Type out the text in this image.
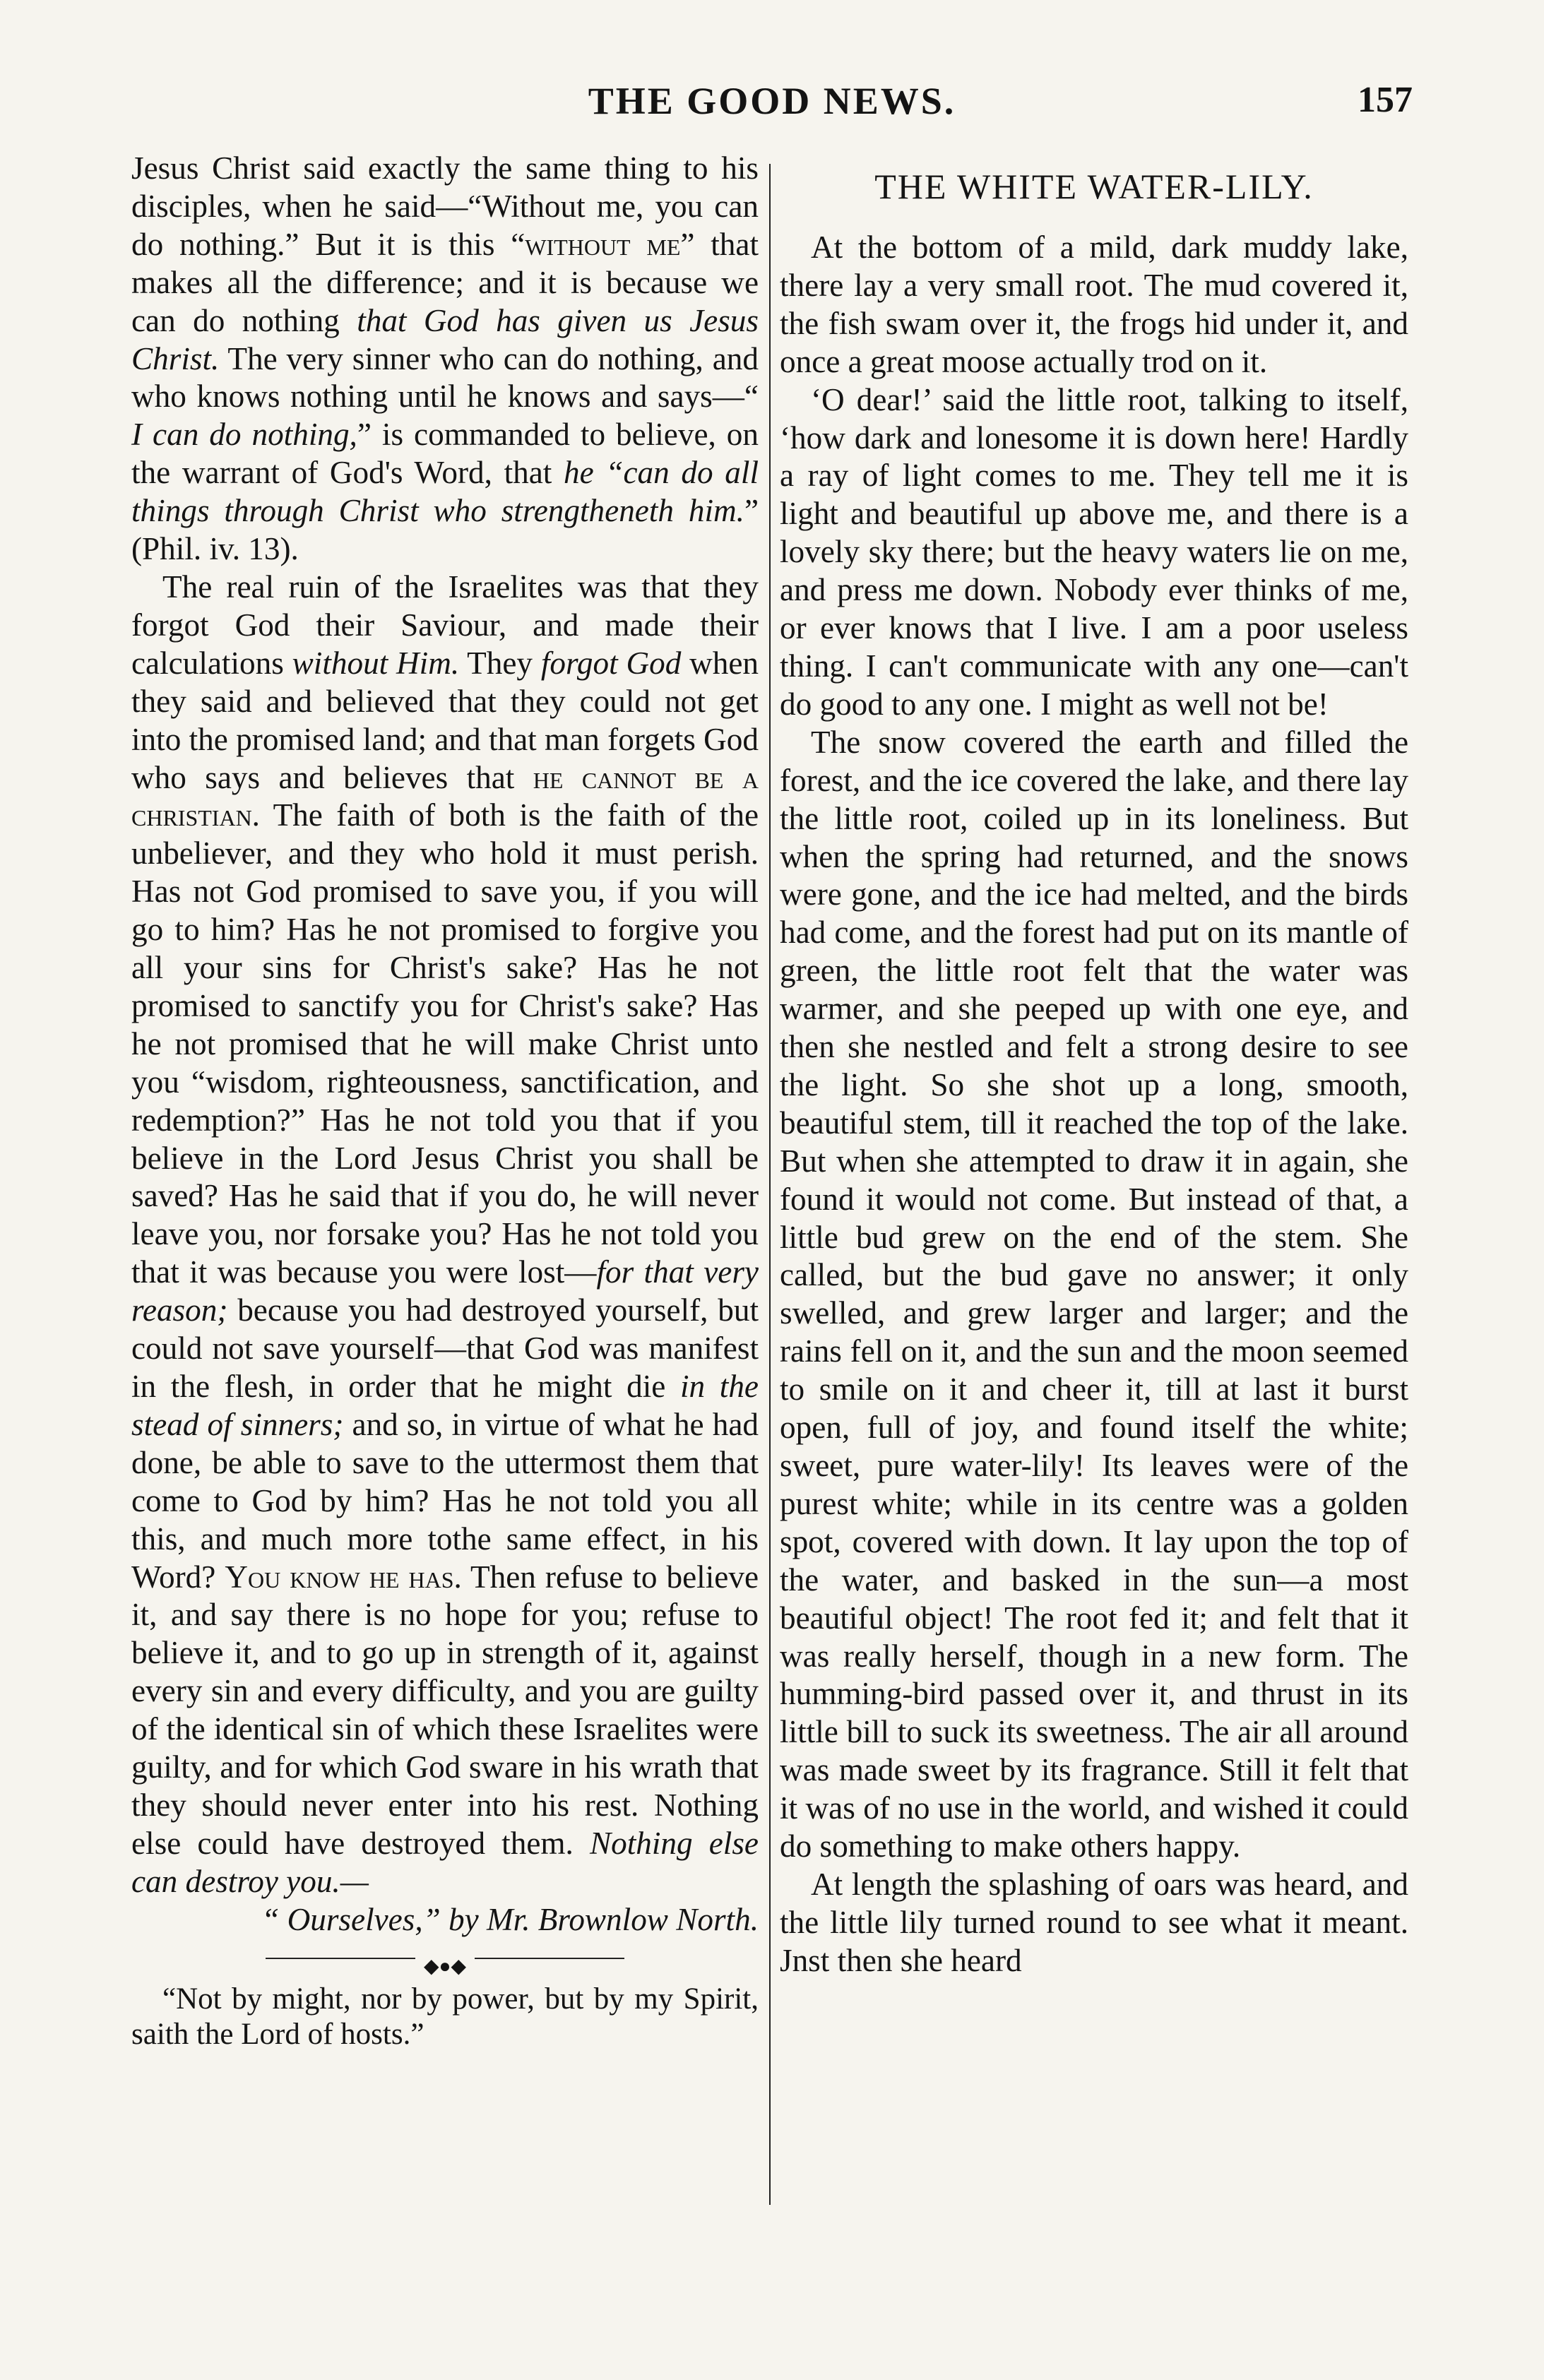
THE GOOD NEWS.	157

Jesus Christ said exactly the same thing to his disciples, when he said—“Without me, you can do nothing.” But it is this “without me” that makes all the difference; and it is because we can do nothing that God has given us Jesus Christ. The very sinner who can do nothing, and who knows nothing until he knows and says—“ I can do nothing,” is commanded to believe, on the warrant of God's Word, that he “can do all things through Christ who strengtheneth him.” (Phil. iv. 13).

The real ruin of the Israelites was that they forgot God their Saviour, and made their calculations without Him. They forgot God when they said and believed that they could not get into the promised land; and that man forgets God who says and believes that he cannot be a christian. The faith of both is the faith of the unbeliever, and they who hold it must perish. Has not God promised to save you, if you will go to him? Has he not promised to forgive you all your sins for Christ's sake? Has he not promised to sanctify you for Christ's sake? Has he not promised that he will make Christ unto you “wisdom, righteousness, sanctification, and redemption?” Has he not told you that if you believe in the Lord Jesus Christ you shall be saved? Has he said that if you do, he will never leave you, nor forsake you? Has he not told you that it was because you were lost—for that very reason; because you had destroyed yourself, but could not save yourself—that God was manifest in the flesh, in order that he might die in the stead of sinners; and so, in virtue of what he had done, be able to save to the uttermost them that come to God by him? Has he not told you all this, and much more tothe same effect, in his Word? You know he has. Then refuse to believe it, and say there is no hope for you; refuse to believe it, and to go up in strength of it, against every sin and every difficulty, and you are guilty of the identical sin of which these Israelites were guilty, and for which God sware in his wrath that they should never enter into his rest. Nothing else could have destroyed them. Nothing else can destroy you.—

“ Ourselves,” by Mr. Brownlow North.

◆●◆

“Not by might, nor by power, but by my Spirit, saith the Lord of hosts.”

THE WHITE WATER-LILY.

At the bottom of a mild, dark muddy lake, there lay a very small root. The mud covered it, the fish swam over it, the frogs hid under it, and once a great moose actually trod on it.

‘O dear!’ said the little root, talking to itself, ‘how dark and lonesome it is down here! Hardly a ray of light comes to me. They tell me it is light and beautiful up above me, and there is a lovely sky there; but the heavy waters lie on me, and press me down. Nobody ever thinks of me, or ever knows that I live. I am a poor useless thing. I can't communicate with any one—can't do good to any one. I might as well not be!

The snow covered the earth and filled the forest, and the ice covered the lake, and there lay the little root, coiled up in its loneliness. But when the spring had returned, and the snows were gone, and the ice had melted, and the birds had come, and the forest had put on its mantle of green, the little root felt that the water was warmer, and she peeped up with one eye, and then she nestled and felt a strong desire to see the light. So she shot up a long, smooth, beautiful stem, till it reached the top of the lake. But when she attempted to draw it in again, she found it would not come. But instead of that, a little bud grew on the end of the stem. She called, but the bud gave no answer; it only swelled, and grew larger and larger; and the rains fell on it, and the sun and the moon seemed to smile on it and cheer it, till at last it burst open, full of joy, and found itself the white; sweet, pure water-lily! Its leaves were of the purest white; while in its centre was a golden spot, covered with down. It lay upon the top of the water, and basked in the sun—a most beautiful object! The root fed it; and felt that it was really herself, though in a new form. The humming-bird passed over it, and thrust in its little bill to suck its sweetness. The air all around was made sweet by its fragrance. Still it felt that it was of no use in the world, and wished it could do something to make others happy.

At length the splashing of oars was heard, and the little lily turned round to see what it meant. Jnst then she heard
